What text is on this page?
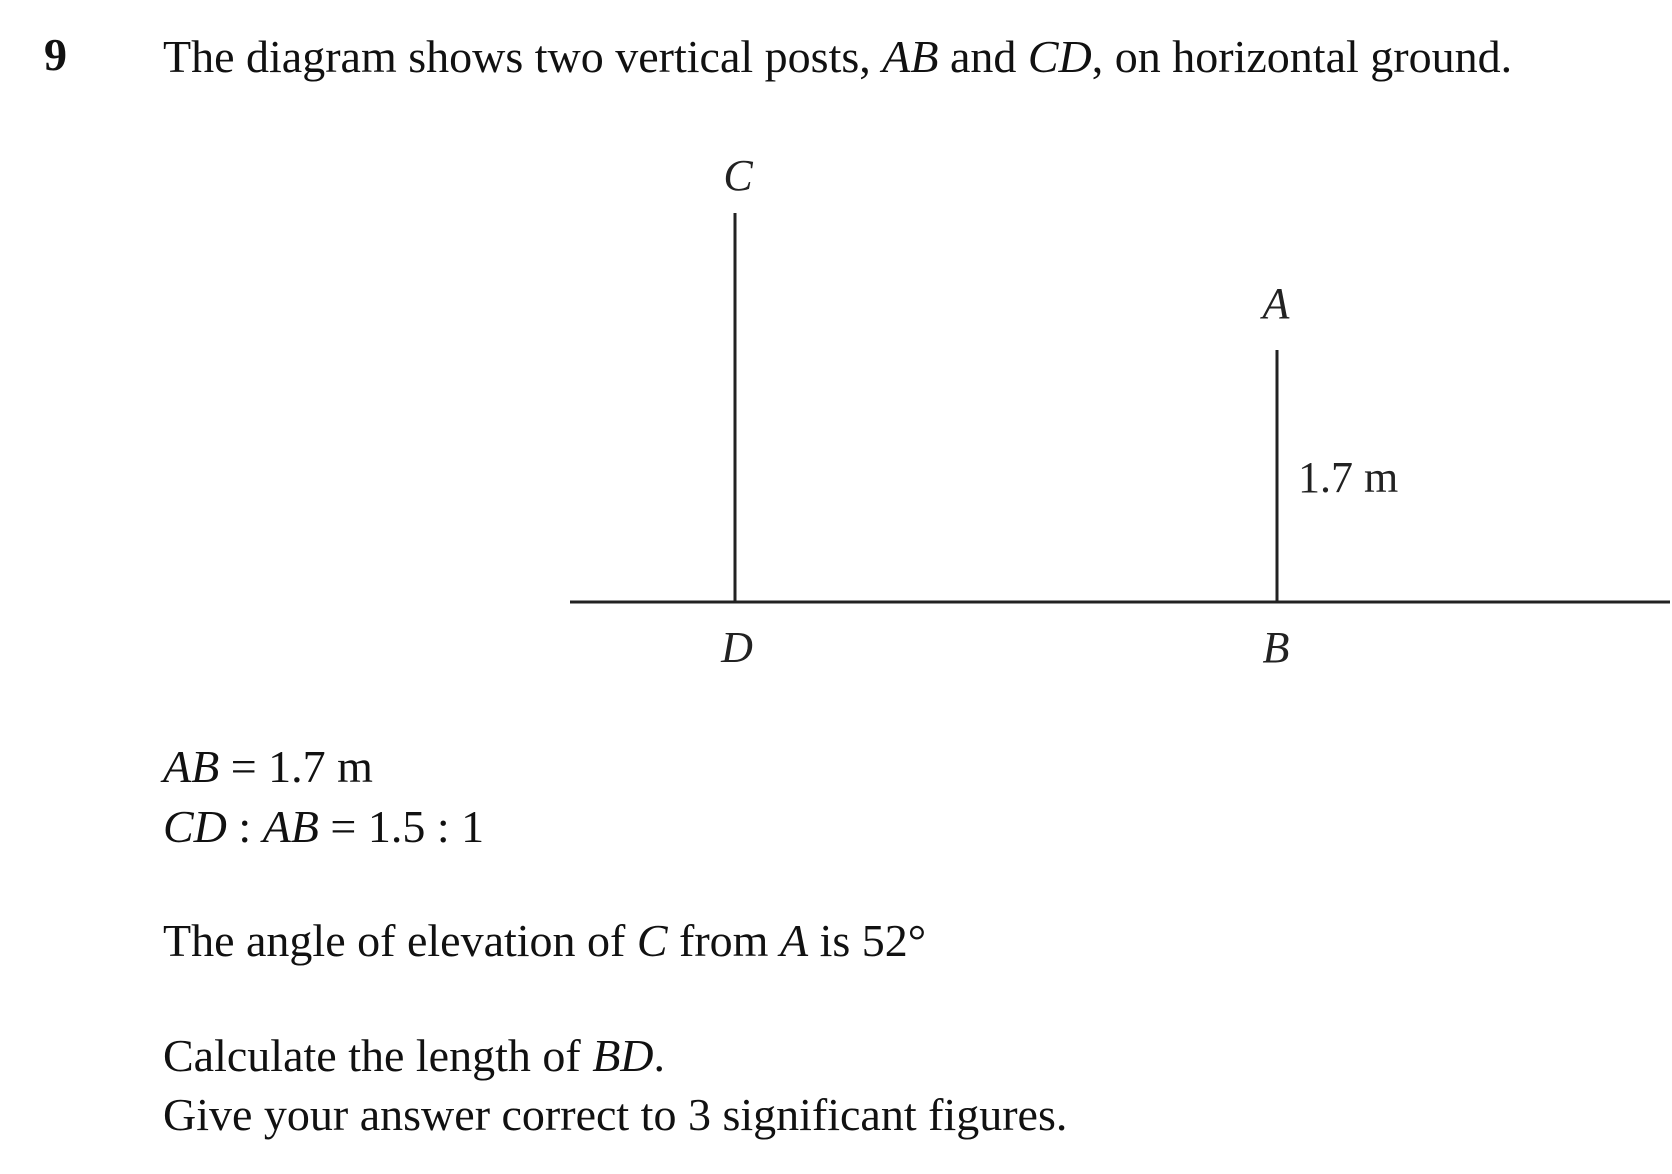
9 The diagram shows two vertical posts, AB and CD, on horizontal ground.
C
A
D	B
1.7 m
AB = 1.7 m
CD : AB = 1.5 : 1
The angle of elevation of C from A is 52°
Calculate the length of BD.
Give your answer correct to 3 significant figures.
